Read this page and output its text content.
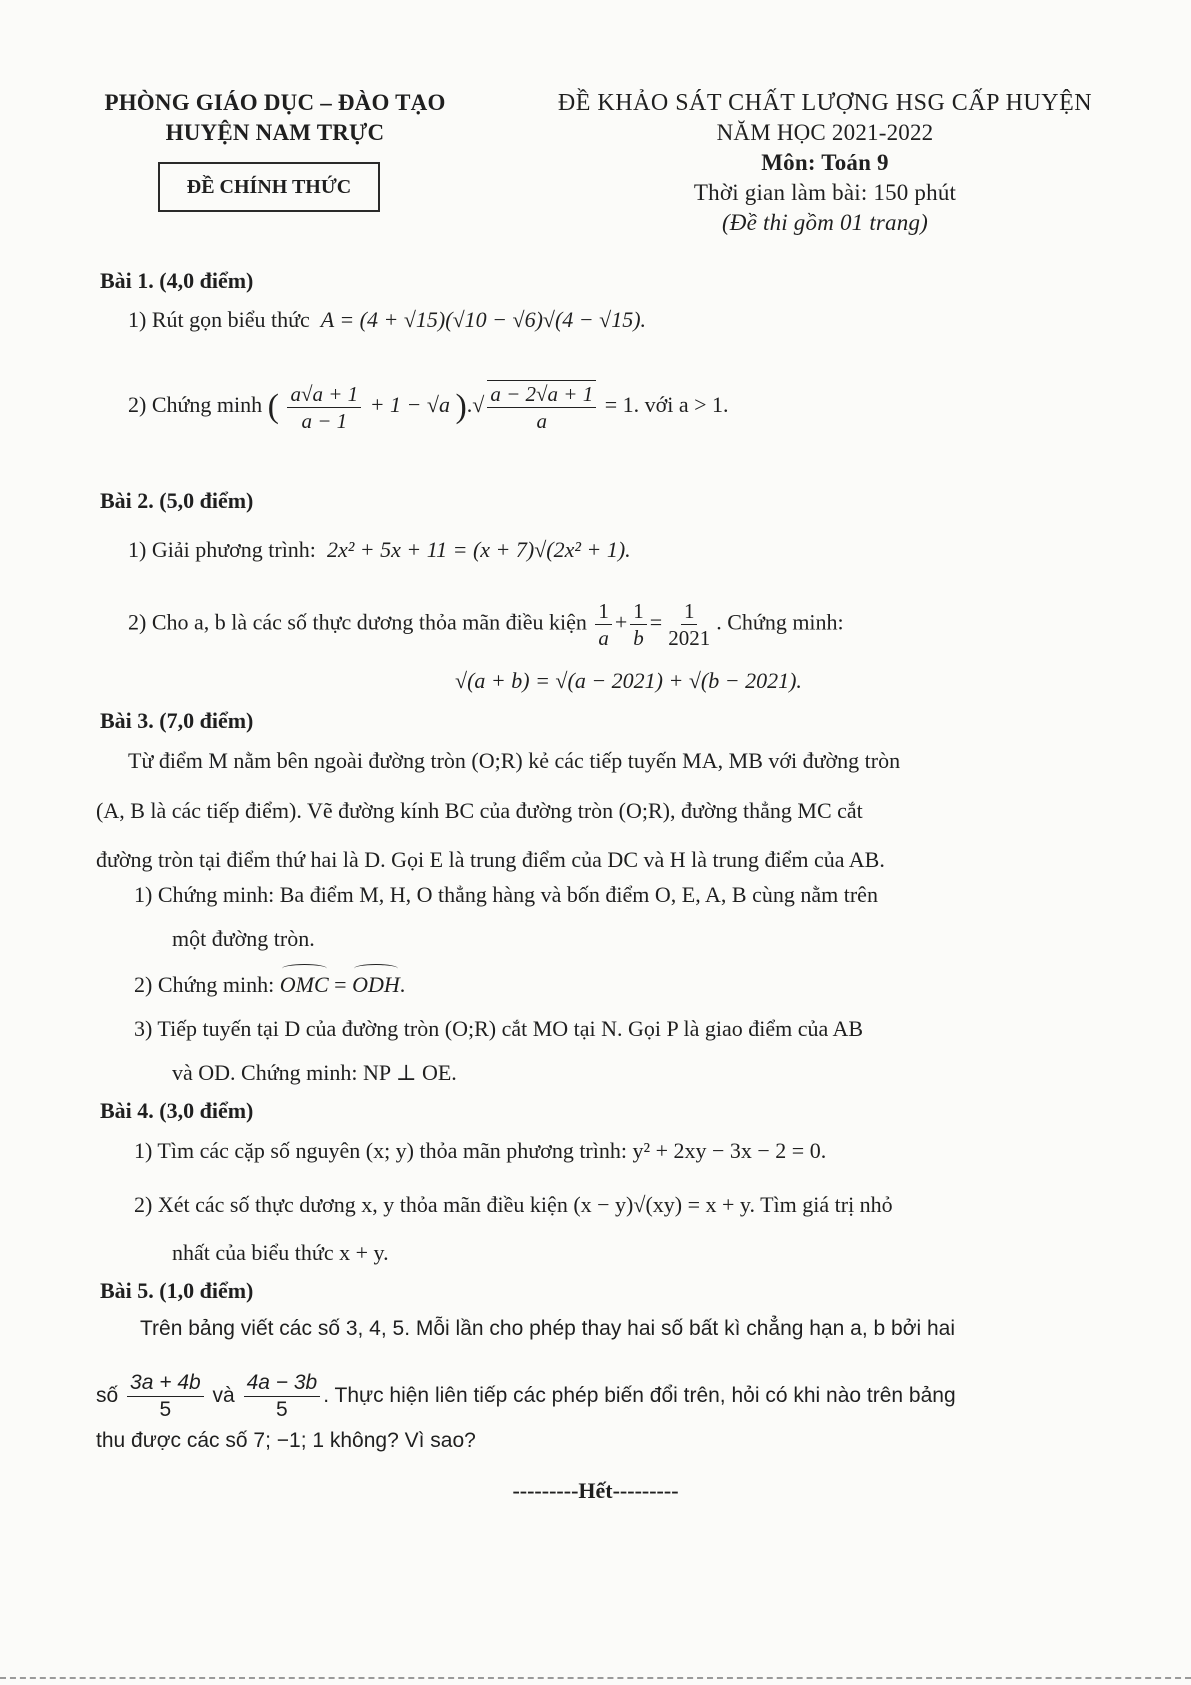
PHÒNG GIÁO DỤC – ĐÀO TẠO
HUYỆN NAM TRỰC
ĐỀ CHÍNH THỨC
ĐỀ KHẢO SÁT CHẤT LƯỢNG HSG CẤP HUYỆN
NĂM HỌC 2021-2022
Môn: Toán 9
Thời gian làm bài: 150 phút
(Đề thi gồm 01 trang)
Bài 1. (4,0 điểm)
1) Rút gọn biểu thức A = (4 + √15)(√10 − √6)√(4 − √15).
2) Chứng minh ( $\frac{a√a + 1}{a - 1} + 1 - √a$ ).√ $\frac{a - 2√a + 1}{a} = 1$. với a > 1.
Bài 2. (5,0 điểm)
1) Giải phương trình: 2x² + 5x + 11 = (x + 7)√(2x² + 1).
2) Cho a, b là các số thực dương thỏa mãn điều kiện $\frac{1}{a} + \frac{1}{b} = \frac{1}{2021}$ . Chứng minh:
√(a + b) = √(a − 2021) + √(b − 2021).
Bài 3. (7,0 điểm)
Từ điểm M nằm bên ngoài đường tròn (O;R) kẻ các tiếp tuyến MA, MB với đường tròn
(A, B là các tiếp điểm). Vẽ đường kính BC của đường tròn (O;R), đường thẳng MC cắt
đường tròn tại điểm thứ hai là D. Gọi E là trung điểm của DC và H là trung điểm của AB.
1) Chứng minh: Ba điểm M, H, O thẳng hàng và bốn điểm O, E, A, B cùng nằm trên
một đường tròn.
2) Chứng minh: OMC = ODH.
3) Tiếp tuyến tại D của đường tròn (O;R) cắt MO tại N. Gọi P là giao điểm của AB
và OD. Chứng minh: NP ⊥ OE.
Bài 4. (3,0 điểm)
1) Tìm các cặp số nguyên (x; y) thỏa mãn phương trình: y² + 2xy − 3x − 2 = 0.
2) Xét các số thực dương x, y thỏa mãn điều kiện (x − y)√(xy) = x + y. Tìm giá trị nhỏ
nhất của biểu thức x + y.
Bài 5. (1,0 điểm)
Trên bảng viết các số 3, 4, 5. Mỗi lần cho phép thay hai số bất kì chẳng hạn a, b bởi hai
số $\frac{3a + 4b}{5}$ và $\frac{4a - 3b}{5}$ . Thực hiện liên tiếp các phép biến đổi trên, hỏi có khi nào trên bảng
thu được các số 7; −1; 1 không? Vì sao?
---------Hết---------
